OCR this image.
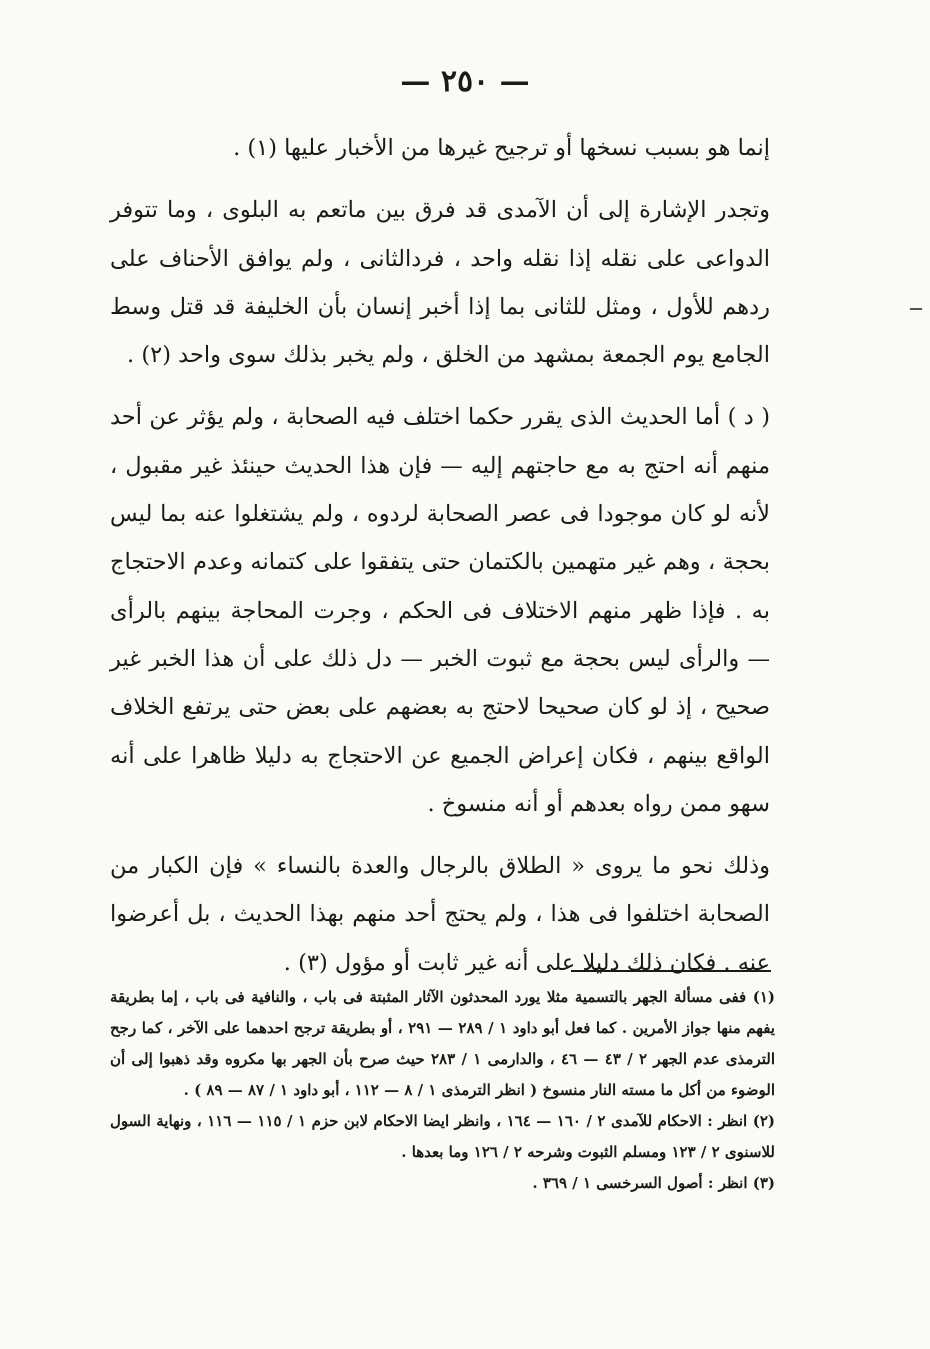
— ٢٥٠ —

إنما هو بسبب نسخها أو ترجيح غيرها من الأخبار عليها (١) .

وتجدر الإشارة إلى أن الآمدى قد فرق بين ماتعم به البلوى ، وما تتوفر الدواعى على نقله إذا نقله واحد ، فردالثانى ، ولم يوافق الأحناف على ردهم للأول ، ومثل للثانى بما إذا أخبر إنسان بأن الخليفة قد قتل وسط الجامع يوم الجمعة بمشهد من الخلق ، ولم يخبر بذلك سوى واحد (٢) .

( د ) أما الحديث الذى يقرر حكما اختلف فيه الصحابة ، ولم يؤثر عن أحد منهم أنه احتج به مع حاجتهم إليه — فإن هذا الحديث حينئذ غير مقبول ، لأنه لو كان موجودا فى عصر الصحابة لردوه ، ولم يشتغلوا عنه بما ليس بحجة ، وهم غير متهمين بالكتمان حتى يتفقوا على كتمانه وعدم الاحتجاج به . فإذا ظهر منهم الاختلاف فى الحكم ، وجرت المحاجة بينهم بالرأى — والرأى ليس بحجة مع ثبوت الخبر — دل ذلك على أن هذا الخبر غير صحيح ، إذ لو كان صحيحا لاحتج به بعضهم على بعض حتى يرتفع الخلاف الواقع بينهم ، فكان إعراض الجميع عن الاحتجاج به دليلا ظاهرا على أنه سهو ممن رواه بعدهم أو أنه منسوخ .

وذلك نحو ما يروى « الطلاق بالرجال والعدة بالنساء » فإن الكبار من الصحابة اختلفوا فى هذا ، ولم يحتج أحد منهم بهذا الحديث ، بل أعرضوا عنه . فكان ذلك دليلا على أنه غير ثابت أو مؤول (٣) .

(١) ففى مسألة الجهر بالتسمية مثلا يورد المحدثون الآثار المثبتة فى باب ، والنافية فى باب ، إما بطريقة يفهم منها جواز الأمرين . كما فعل أبو داود ١ / ٢٨٩ — ٢٩١ ، أو بطريقة ترجح احدهما على الآخر ، كما رجح الترمذى عدم الجهر ٢ / ٤٣ — ٤٦ ، والدارمى ١ / ٢٨٣ حيث صرح بأن الجهر بها مكروه وقد ذهبوا إلى أن الوضوء من أكل ما مسته النار منسوخ ( انظر الترمذى ١ / ٨ — ١١٢ ، أبو داود ١ / ٨٧ — ٨٩ ) .

(٢) انظر : الاحكام للآمدى ٢ / ١٦٠ — ١٦٤ ، وانظر ايضا الاحكام لابن حزم ١ / ١١٥ — ١١٦ ، ونهاية السول للاسنوى ٢ / ١٢٣ ومسلم الثبوت وشرحه ٢ / ١٢٦ وما بعدها .

(٣) انظر : أصول السرخسى ١ / ٣٦٩ .
